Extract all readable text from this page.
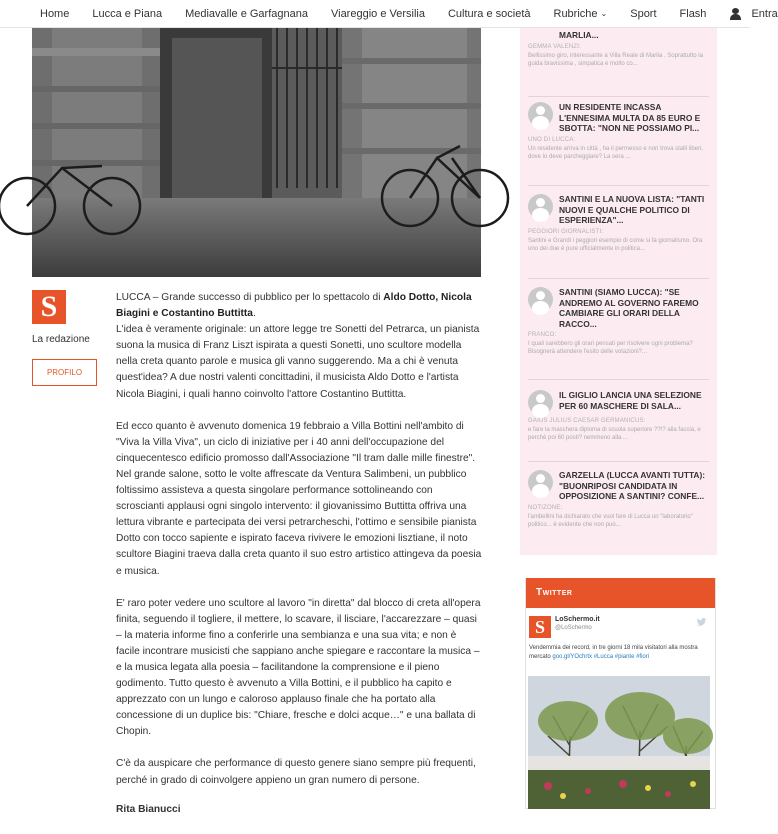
Home Lucca e Piana Mediavalle e Garfagnana Viareggio e Versilia Cultura e società Rubriche ⌄ Sport Flash	Entra
S
La redazione
PROFILO

LUCCA – Grande successo di pubblico per lo spettacolo di Aldo Dotto, Nicola Biagini e Costantino Buttitta.
L'idea è veramente originale: un attore legge tre Sonetti del Petrarca, un pianista suona la musica di Franz Liszt ispirata a questi Sonetti, uno scultore modella nella creta quanto parole e musica gli vanno suggerendo. Ma a chi è venuta quest'idea? A due nostri valenti concittadini, il musicista Aldo Dotto e l'artista Nicola Biagini, i quali hanno coinvolto l'attore Costantino Buttitta.

Ed ecco quanto è avvenuto domenica 19 febbraio a Villa Bottini nell'ambito di "Viva la Villa Viva", un ciclo di iniziative per i 40 anni dell'occupazione del cinquecentesco edificio promosso dall'Associazione "Il tram dalle mille finestre". Nel grande salone, sotto le volte affrescate da Ventura Salimbeni, un pubblico foltissimo assisteva a questa singolare performance sottolineando con scroscianti applausi ogni singolo intervento: il giovanissimo Buttitta offriva una lettura vibrante e partecipata dei versi petrarcheschi, l'ottimo e sensibile pianista Dotto con tocco sapiente e ispirato faceva rivivere le emozioni lisztiane, il noto scultore Biagini traeva dalla creta quanto il suo estro artistico attingeva da poesia e musica.

E' raro poter vedere uno scultore al lavoro "in diretta" dal blocco di creta all'opera finita, seguendo il togliere, il mettere, lo scavare, il lisciare, l'accarezzare – quasi – la materia informe fino a conferirle una sembianza e una sua vita; e non è facile incontrare musicisti che sappiano anche spiegare e raccontare la musica – e la musica legata alla poesia – facilitandone la comprensione e il pieno godimento. Tutto questo è avvenuto a Villa Bottini, e il pubblico ha capito e apprezzato con un lungo e caloroso applauso finale che ha portato alla concessione di un duplice bis: "Chiare, fresche e dolci acque…" e una ballata di Chopin.

C'è da auspicare che performance di questo genere siano sempre più frequenti, perché in grado di coinvolgere appieno un gran numero di persone.

Rita Bianucci

MARLIA...
GEMMA VALENZI:
Bellissimo giro, interessante a Villa Reale di Marlia . Soprattutto la guida bravissima , simpatica e molto co...
UN RESIDENTE INCASSA L'ENNESIMA MULTA DA 85 EURO E SBOTTA: "NON NE POSSIAMO PI...
UNO DI LUCCA:
Un residente arriva in città , ha il permesso e non trova stalli liberi, dove lo deve parcheggiare? La sera ...
SANTINI E LA NUOVA LISTA: "TANTI NUOVI E QUALCHE POLITICO DI ESPERIENZA"...
PEGGIORI GIORNALISTI:
Santini e Grandi i peggiori esempio di come si fa giornalismo. Ora uno dei due è pure ufficialmente in politica...
SANTINI (SIAMO LUCCA): "SE ANDREMO AL GOVERNO FAREMO CAMBIARE GLI ORARI DELLA RACCO...
FRANCO:
I quali sarebbero gli orari pensati per risolvere ogni problema? Bisognerà attendere l'esito delle votazioni?...
IL GIGLIO LANCIA UNA SELEZIONE PER 60 MASCHERE DI SALA...
GAIUS JULIUS CAESAR GERMANICUS:
e fare la maschera diploma di scuola superiore ??!? alla faccia, e perchè poi 60 posti? nemmeno alla ...
GARZELLA (LUCCA AVANTI TUTTA): "BUONRIPOSI CANDIDATA IN OPPOSIZIONE A SANTINI? CONFE...
NOTIZONE:
l'ambellini ha dichiarato che vuol fare di Lucca un "laboratorio" politico... è evidente che non può...
Twitter
S	LoSchermo.it
@LoSchermo
Vendemmia dei record, in tre giorni 18 mila visitatori alla mostra mercato goo.gl/YOchrtx #Lucca #piante #fiori
